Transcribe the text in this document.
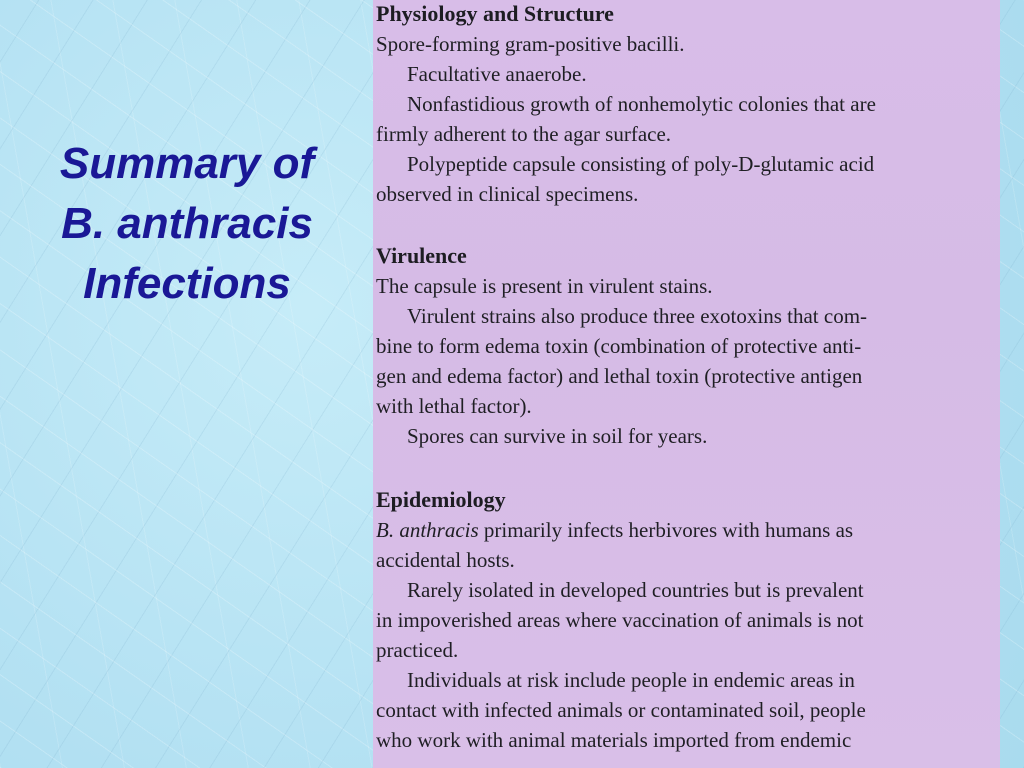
Summary of
B. anthracis
Infections

Physiology and Structure

Spore-forming gram-positive bacilli.

Facultative anaerobe.

Nonfastidious growth of nonhemolytic colonies that are

firmly adherent to the agar surface.

Polypeptide capsule consisting of poly-D-glutamic acid

observed in clinical specimens.

Virulence

The capsule is present in virulent stains.

Virulent strains also produce three exotoxins that com-

bine to form edema toxin (combination of protective anti-

gen and edema factor) and lethal toxin (protective antigen

with lethal factor).

Spores can survive in soil for years.

Epidemiology

B. anthracis primarily infects herbivores with humans as

accidental hosts.

Rarely isolated in developed countries but is prevalent

in impoverished areas where vaccination of animals is not

practiced.

Individuals at risk include people in endemic areas in

contact with infected animals or contaminated soil, people

who work with animal materials imported from endemic
